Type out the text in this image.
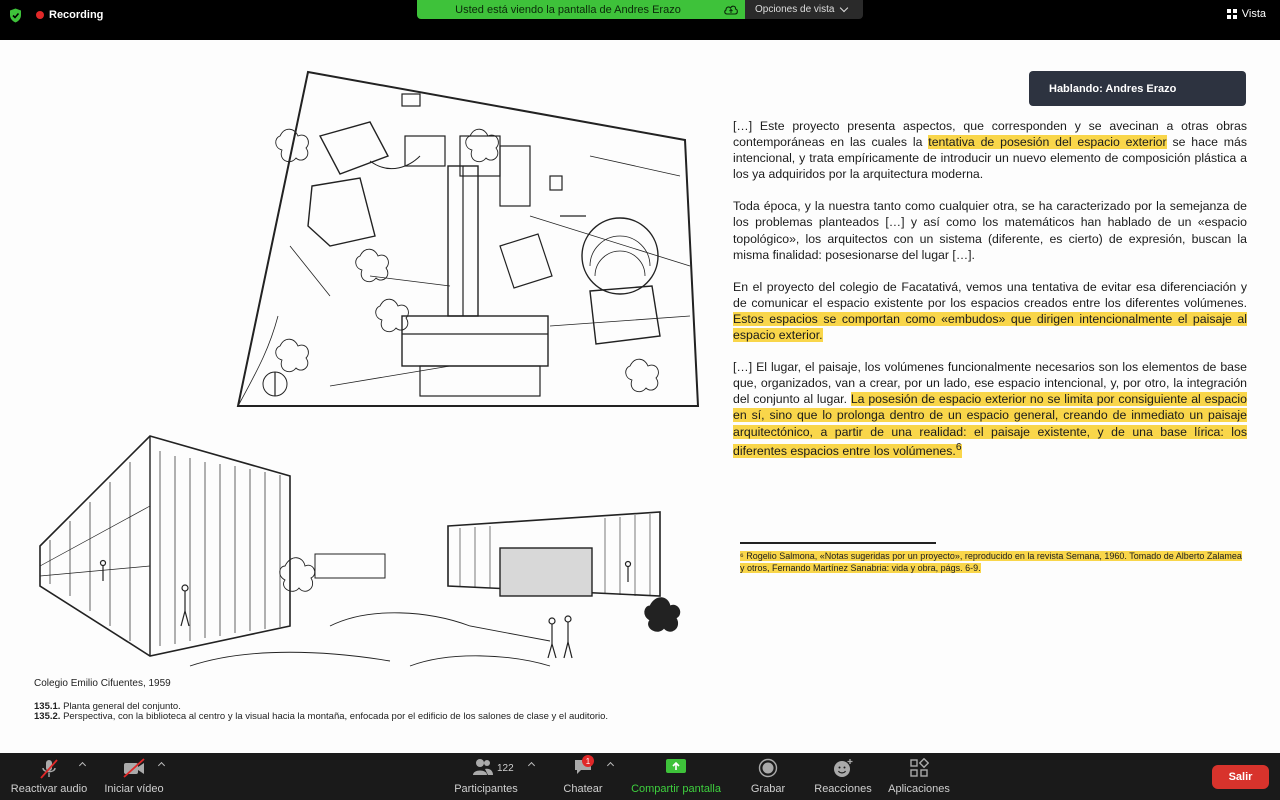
Recording	Usted está viendo la pantalla de Andres Erazo	Opciones de vista	Vista
Hablando: Andres Erazo

[…] Este proyecto presenta aspectos, que corresponden y se avecinan a otras obras contemporáneas en las cuales la tentativa de posesión del espacio exterior se hace más intencional, y trata empíricamente de introducir un nuevo elemento de composición plástica a los ya adquiridos por la arquitectura moderna.

Toda época, y la nuestra tanto como cualquier otra, se ha caracterizado por la semejanza de los problemas planteados […] y así como los matemáticos han hablado de un «espacio topológico», los arquitectos con un sistema (diferente, es cierto) de expresión, buscan la misma finalidad: posesionarse del lugar […].

En el proyecto del colegio de Facatativá, vemos una tentativa de evitar esa diferenciación y de comunicar el espacio existente por los espacios creados entre los diferentes volúmenes. Estos espacios se comportan como «embudos» que dirigen intencionalmente el paisaje al espacio exterior.

[…] El lugar, el paisaje, los volúmenes funcionalmente necesarios son los elementos de base que, organizados, van a crear, por un lado, ese espacio intencional, y, por otro, la integración del conjunto al lugar. La posesión de espacio exterior no se limita por consiguiente al espacio en sí, sino que lo prolonga dentro de un espacio general, creando de inmediato un paisaje arquitectónico, a partir de una realidad: el paisaje existente, y de una base lírica: los diferentes espacios entre los volúmenes.$^6$

⁶ Rogelio Salmona, «Notas sugeridas por un proyecto», reproducido en la revista Semana, 1960. Tomado de Alberto Zalamea y otros, Fernando Martínez Sanabria: vida y obra, págs. 6-9.
Colegio Emilio Cifuentes, 1959
135.1. Planta general del conjunto.
135.2. Perspectiva, con la biblioteca al centro y la visual hacia la montaña, enfocada por el edificio de los salones de clase y el auditorio.
Reactivar audio Iniciar vídeo
122
Participantes
1
Chatear	Compartir pantalla	Grabar	Reacciones Aplicaciones
Salir
